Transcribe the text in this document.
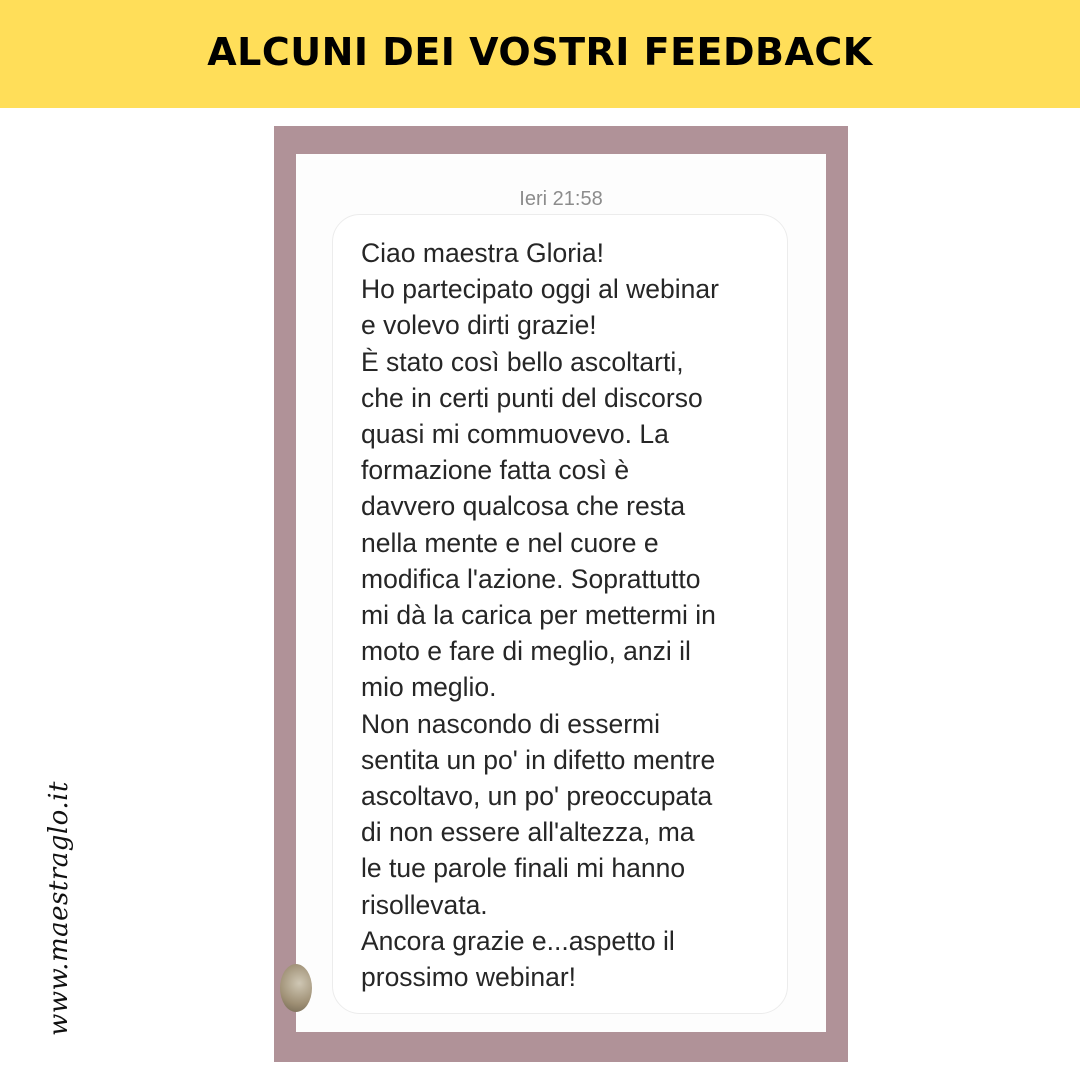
ALCUNI DEI VOSTRI FEEDBACK
Ieri 21:58
Ciao maestra Gloria!
Ho partecipato oggi al webinar
e volevo dirti grazie!
È stato così bello ascoltarti,
che in certi punti del discorso
quasi mi commuovevo. La
formazione fatta così è
davvero qualcosa che resta
nella mente e nel cuore e
modifica l'azione. Soprattutto
mi dà la carica per mettermi in
moto e fare di meglio, anzi il
mio meglio.
Non nascondo di essermi
sentita un po' in difetto mentre
ascoltavo, un po' preoccupata
di non essere all'altezza, ma
le tue parole finali mi hanno
risollevata.
Ancora grazie e...aspetto il
prossimo webinar!
www.maestraglo.it
